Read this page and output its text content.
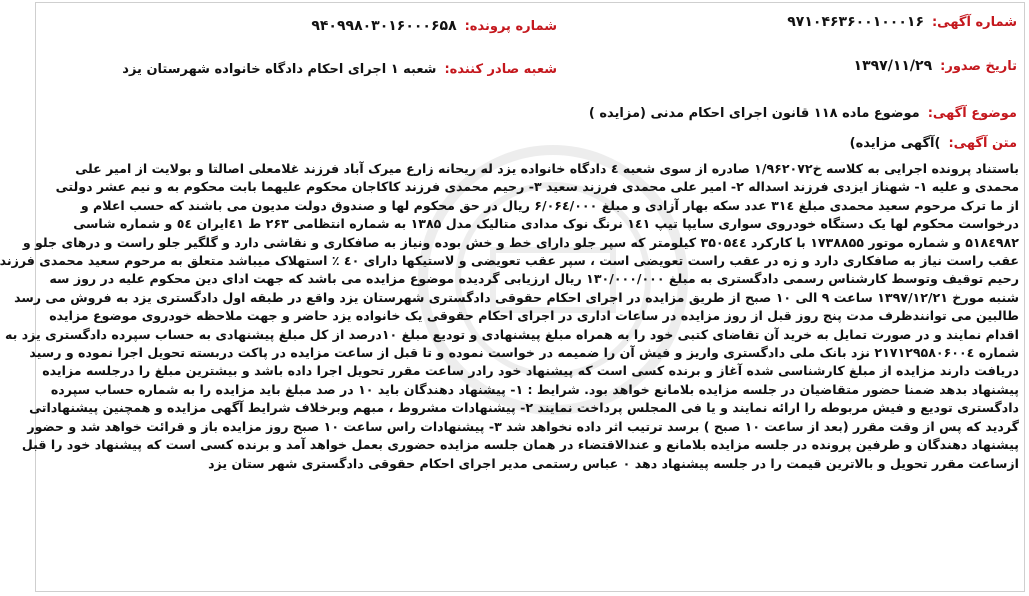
شماره آگهی:
۹۷۱۰۴۶۳۶۰۰۱۰۰۰۱۶
تاریخ صدور:
۱۳۹۷/۱۱/۲۹
شماره پرونده:
۹۴۰۹۹۸۰۳۰۱۶۰۰۰۶۵۸
شعبه صادر کننده:
شعبه ۱ اجرای احکام دادگاه خانواده شهرستان یزد
موضوع آگهی:
موضوع ماده ۱۱۸ قانون اجرای احکام مدنی (مزایده )
متن آگهی:
)آگهی مزایده)
باستناد پرونده اجرایی به کلاسه خ۱/۹۶۲۰۷۲ صادره از سوی شعبه ٤ دادگاه خانواده یزد له ریحانه زارع میرک آباد فرزند غلامعلی اصالتا و بولایت از امیر علی
محمدی و علیه ۱- شهناز ایزدی فرزند اسداله ۲- امیر علی محمدی فرزند سعید ۳- رحیم محمدی فرزند کاکاجان محکوم علیهما بابت محکوم به و نیم عشر دولتی
از ما ترک مرحوم سعید محمدی مبلغ ۳۱٤ عدد سکه بهار آزادی و مبلغ ۶/۰۶٤/۰۰۰ ریال در حق محکوم لها و صندوق دولت مدیون می باشند که حسب اعلام و
درخواست محکوم لها یک دستگاه خودروی سواری سایپا تیپ ۱٤۱ نرنگ نوک مدادی متالیک مدل ۱۳۸۵ به شماره انتظامی ۲۶۳ ط ٤۱ایران ٥٤ و شماره شاسی
۵۱۸٤۹۸۲ و شماره موتور ۱۷۳۸۸۵۵ با کارکرد ۳۵۰۵٤٤ کیلومتر که سپر جلو دارای خط و خش بوده ونیاز به صافکاری و نقاشی دارد و گلگیر جلو راست و درهای جلو و
عقب راست نیاز به صافکاری دارد و زه در عقب راست تعویضی است ، سپر عقب تعویضی و لاستیکها دارای ٤۰ ٪ استهلاک میباشد متعلق به مرحوم سعید محمدی فرزند
رحیم توقیف وتوسط کارشناس رسمی دادگستری به مبلغ ۱۳۰/۰۰۰/۰۰۰ ریال ارزیابی گردیده موضوع مزایده می باشد که جهت ادای دین محکوم علیه در روز سه
شنبه مورخ ۱۳۹۷/۱۲/۲۱ ساعت ۹ الی ۱۰ صبح از طریق مزایده در اجرای احکام حقوقی دادگستری شهرستان یزد واقع در طبقه اول دادگستری یزد به فروش می رسد
طالبین می توانندظرف مدت پنج روز قبل از روز مزایده در ساعات اداری در اجرای احکام حقوقی یک خانواده یزد حاضر و جهت ملاحظه خودروی موضوع مزایده
اقدام نمایند و در صورت تمایل به خرید آن تقاضای کتبی خود را به همراه مبلغ پیشنهادی و تودیع مبلغ ۱۰درصد از کل مبلغ پیشنهادی به حساب سپرده دادگستری یزد به
شماره ۲۱۷۱۲۹۵۸۰۶۰۰٤ نزد بانک ملی دادگستری واریز و فیش آن را ضمیمه در خواست نموده و تا قبل از ساعت مزایده در پاکت دربسته تحویل اجرا نموده و رسید
دریافت دارند مزایده از مبلغ کارشناسی شده آغاز و برنده کسی است که پیشنهاد خود رادر ساعت مقرر تحویل اجرا داده باشد و بیشترین مبلغ را درجلسه مزایده
پیشنهاد بدهد ضمنا حضور متقاضیان در جلسه مزایده بلامانع خواهد بود. شرایط : ۱- پیشنهاد دهندگان باید ۱۰ در صد مبلغ باید مزایده را به شماره حساب سپرده
دادگستری تودیع و فیش مربوطه را ارائه نمایند و یا فی المجلس پرداخت نمایند ۲- پیشنهادات مشروط ، مبهم وبرخلاف شرایط آگهی مزایده و همچنین پیشنهاداتی
گردید که پس از وقت مقرر (بعد از ساعت ۱۰ صبح ) برسد ترتیب اثر داده نخواهد شد ۳- پیشنهادات راس ساعت ۱۰ صبح روز مزایده باز و قرائت خواهد شد و حضور
پیشنهاد دهندگان و طرفین پرونده در جلسه مزایده بلامانع و عندالاقتضاء در همان جلسه مزایده حضوری بعمل خواهد آمد و برنده کسی است که پیشنهاد خود را قبل
ازساعت مقرر تحویل و بالاترین قیمت را در جلسه پیشنهاد دهد ۰ عباس رستمی مدیر اجرای احکام حقوقی دادگستری شهر ستان یزد
